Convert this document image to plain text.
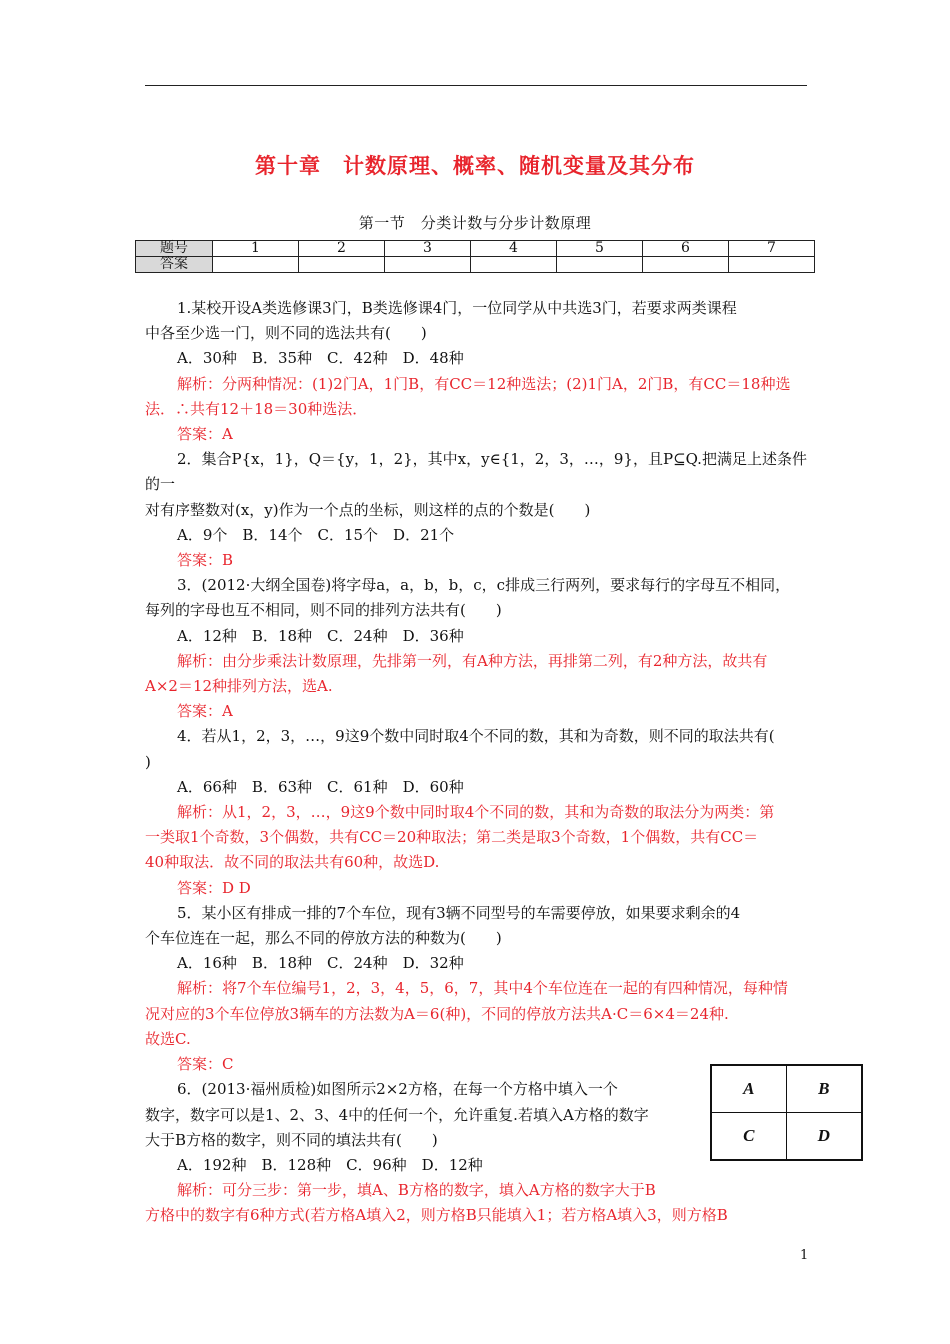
第十章　计数原理、概率、随机变量及其分布
第一节　分类计数与分步计数原理
题号	1	2	3	4	5	6	7
答案							

1.某校开设A类选修课3门，B类选修课4门，一位同学从中共选3门，若要求两类课程

中各至少选一门，则不同的选法共有(　　)

A．30种　B．35种　C．42种　D．48种

解析：分两种情况：(1)2门A，1门B，有CC＝12种选法；(2)1门A，2门B，有CC＝18种选

法．∴共有12＋18＝30种选法．

答案：A

2．集合P{x，1}，Q＝{y，1，2}，其中x，y∈{1，2，3，…，9}，且P⊆Q.把满足上述条件的一

对有序整数对(x，y)作为一个点的坐标，则这样的点的个数是(　　)

A．9个　B．14个　C．15个　D．21个

答案：B

3．(2012·大纲全国卷)将字母a，a，b，b，c，c排成三行两列，要求每行的字母互不相同，

每列的字母也互不相同，则不同的排列方法共有(　　)

A．12种　B．18种　C．24种　D．36种

解析：由分步乘法计数原理，先排第一列，有A种方法，再排第二列，有2种方法，故共有

A×2＝12种排列方法，选A.

答案：A

4．若从1，2，3，…，9这9个数中同时取4个不同的数，其和为奇数，则不同的取法共有(

)

A．66种　B．63种　C．61种　D．60种

解析：从1，2，3，…，9这9个数中同时取4个不同的数，其和为奇数的取法分为两类：第

一类取1个奇数，3个偶数，共有CC＝20种取法；第二类是取3个奇数，1个偶数，共有CC＝

40种取法．故不同的取法共有60种，故选D.

答案：D D

5．某小区有排成一排的7个车位，现有3辆不同型号的车需要停放，如果要求剩余的4

个车位连在一起，那么不同的停放方法的种数为(　　)

A．16种　B．18种　C．24种　D．32种

解析：将7个车位编号1，2，3，4，5，6，7，其中4个车位连在一起的有四种情况，每种情

况对应的3个车位停放3辆车的方法数为A＝6(种)，不同的停放方法共A·C＝6×4＝24种.

故选C.

答案：C

6．(2013·福州质检)如图所示2×2方格，在每一个方格中填入一个

数字，数字可以是1、2、3、4中的任何一个，允许重复.若填入A方格的数字

大于B方格的数字，则不同的填法共有(　　)

A．192种　B．128种　C．96种　D．12种

解析：可分三步：第一步，填A、B方格的数字，填入A方格的数字大于B

方格中的数字有6种方式(若方格A填入2，则方格B只能填入1；若方格A填入3，则方格B

A	B
C	D
1
